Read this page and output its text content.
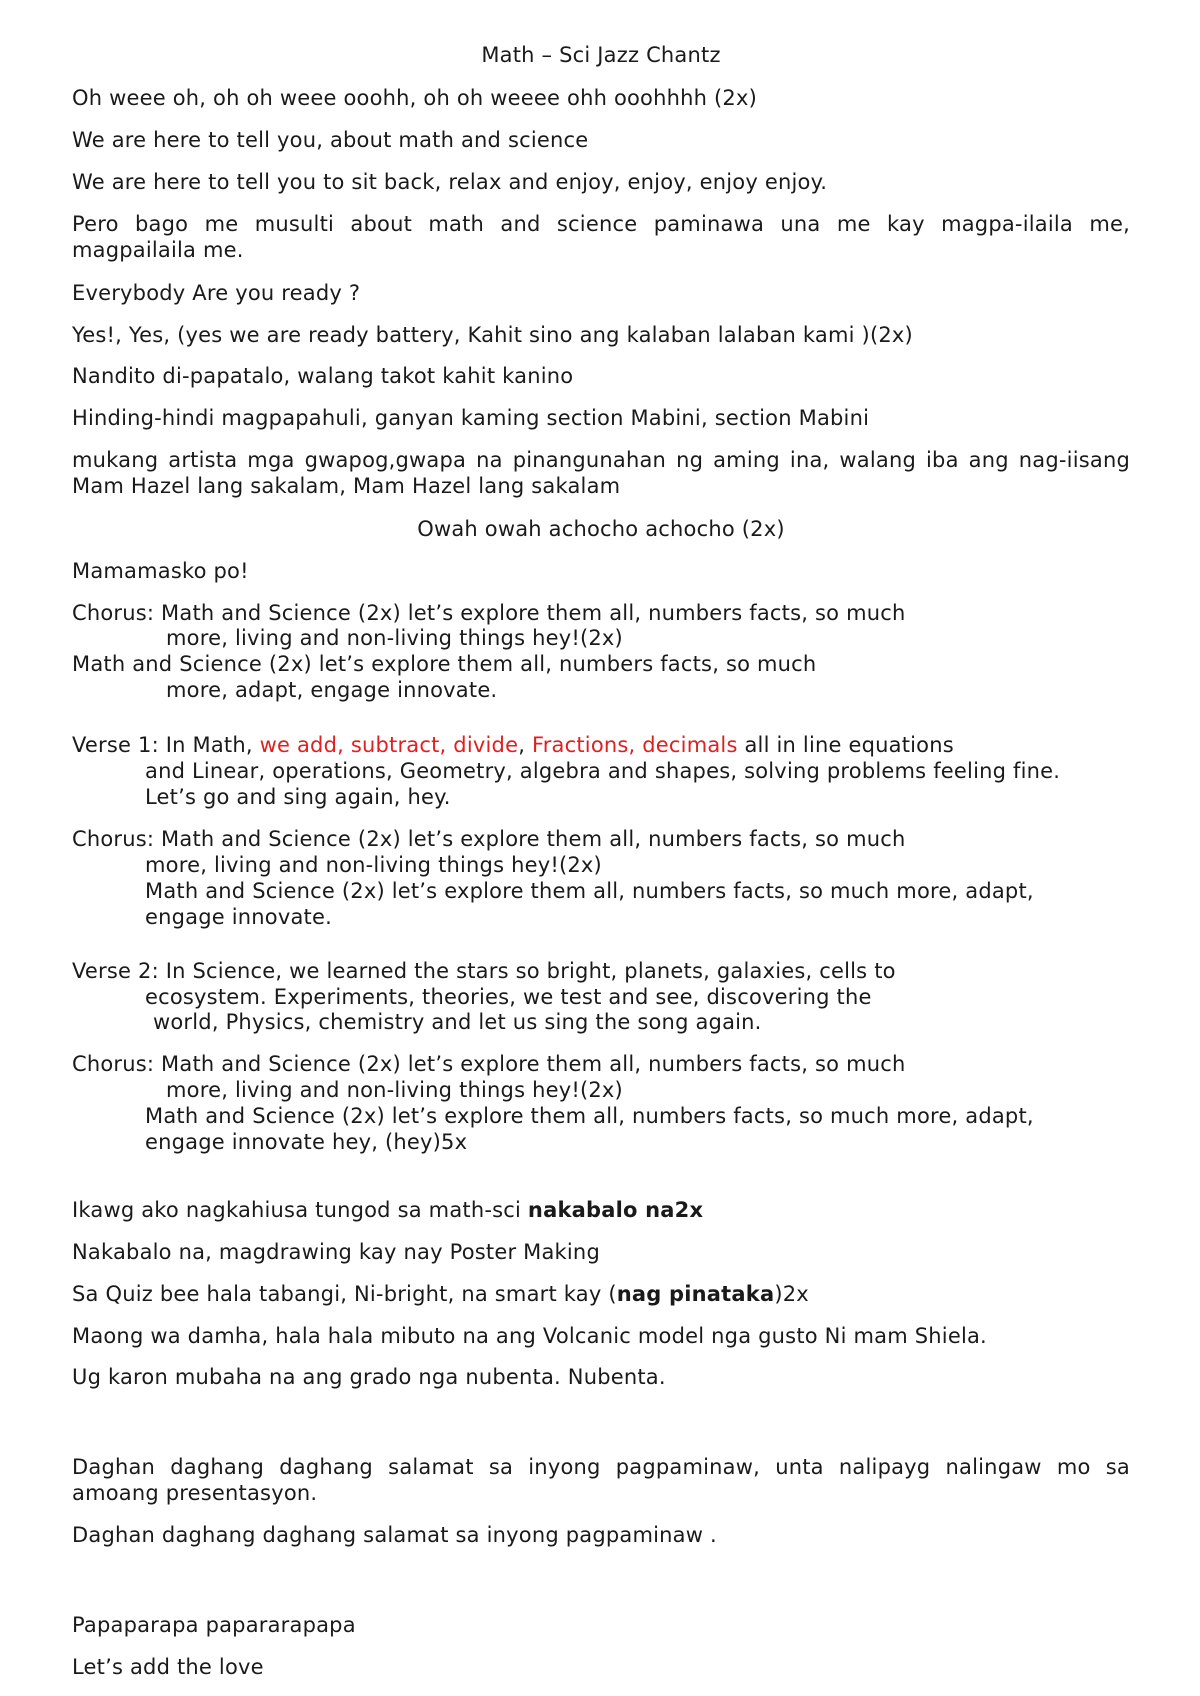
Math – Sci Jazz Chantz
Oh weee oh, oh oh weee ooohh, oh oh weeee ohh ooohhhh (2x)
We are here to tell you, about math and science
We are here to tell you to sit back, relax and enjoy, enjoy, enjoy enjoy.
Pero bago me musulti about math and science paminawa una me kay magpa-ilaila me, magpailaila me.
Everybody Are you ready ?
Yes!, Yes, (yes we are ready battery, Kahit sino ang kalaban lalaban kami )(2x)
Nandito di-papatalo, walang takot kahit kanino
Hinding-hindi magpapahuli, ganyan kaming section Mabini, section Mabini
mukang artista mga gwapog,gwapa na pinangunahan ng aming ina, walang iba ang nag-iisang Mam Hazel lang sakalam, Mam Hazel lang sakalam
Owah owah achocho achocho (2x)
Mamamasko po!
Chorus: Math and Science (2x) let’s explore them all, numbers facts, so much
more, living and non-living things hey!(2x)
Math and Science (2x) let’s explore them all, numbers facts, so much
more, adapt, engage innovate.
Verse 1: In Math, we add, subtract, divide, Fractions, decimals all in line equations
and Linear, operations, Geometry, algebra and shapes, solving problems feeling fine.
Let’s go and sing again, hey.
Chorus: Math and Science (2x) let’s explore them all, numbers facts, so much
more, living and non-living things hey!(2x)
Math and Science (2x) let’s explore them all, numbers facts, so much more, adapt,
engage innovate.
Verse 2: In Science, we learned the stars so bright, planets, galaxies, cells to
ecosystem. Experiments, theories, we test and see, discovering the
world, Physics, chemistry and let us sing the song again.
Chorus: Math and Science (2x) let’s explore them all, numbers facts, so much
more, living and non-living things hey!(2x)
Math and Science (2x) let’s explore them all, numbers facts, so much more, adapt,
engage innovate hey, (hey)5x
Ikawg ako nagkahiusa tungod sa math-sci nakabalo na2x
Nakabalo na, magdrawing kay nay Poster Making
Sa Quiz bee hala tabangi, Ni-bright, na smart kay (nag pinataka)2x
Maong wa damha, hala hala mibuto na ang Volcanic model nga gusto Ni mam Shiela.
Ug karon mubaha na ang grado nga nubenta. Nubenta.
Daghan daghang daghang salamat sa inyong pagpaminaw, unta nalipayg nalingaw mo sa amoang presentasyon.
Daghan daghang daghang salamat sa inyong pagpaminaw .
Papaparapa papararapapa
Let’s add the love
